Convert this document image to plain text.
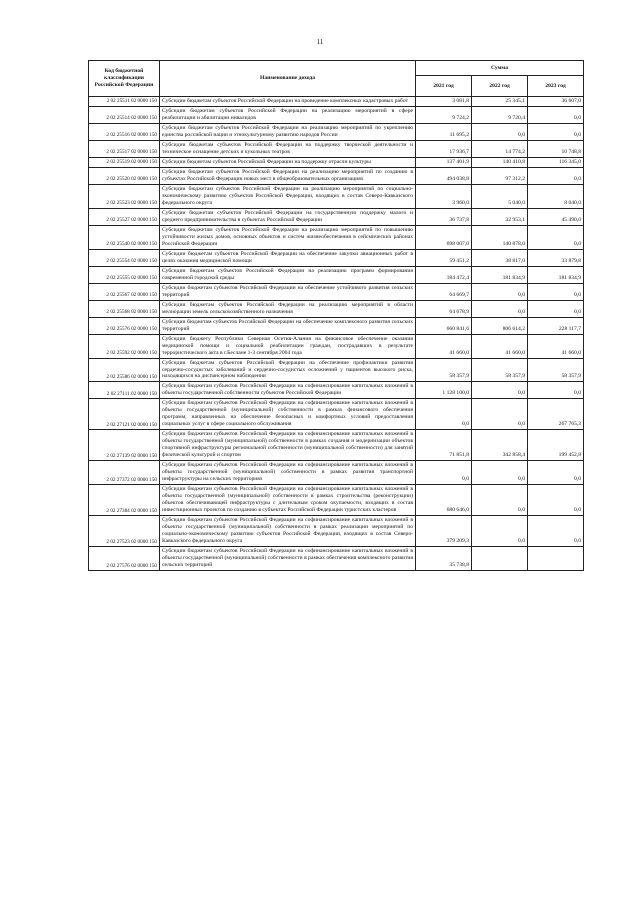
11
Код бюджетной классификации Российской Федерации	Наименование дохода	Сумма		
		2021 год	2022 год	2023 год
2 02 25511 02 0000 150	Субсидии бюджетам субъектов Российской Федерации на проведение комплексных кадастровых работ	3 081,8	25 345,1	36 607,0
2 02 25514 02 0000 150	Субсидии бюджетам субъектов Российской Федерации на реализацию мероприятий в сфере реабилитации и абилитации инвалидов	9 724,2	9 720,4	0,0
2 02 25516 02 0000 150	Субсидии бюджетам субъектов Российской Федерации на реализацию мероприятий по укреплению единства российской нации и этнокультурному развитию народов России	11 695,2	0,0	0,0
2 02 25517 02 0000 150	Субсидии бюджетам субъектов Российской Федерации на поддержку творческой деятельности и техническое оснащение детских и кукольных театров	17 936,7	14 774,2	10 748,8
2 02 25519 02 0000 150	Субсидии бюджетам субъектов Российской Федерации на поддержку отрасли культуры	137 401,9	140 410,8	116 345,0
2 02 25520 02 0000 150	Субсидии бюджетам субъектов Российской Федерации на реализацию мероприятий по созданию в субъектах Российской Федерации новых мест в общеобразовательных организациях	494 038,8	97 312,2	0,0
2 02 25523 02 0000 150	Субсидии бюджетам субъектов Российской Федерации на реализацию мероприятий по социально-экономическому развитию субъектов Российской Федерации, входящих в состав Северо-Кавказского федерального округа	3 960,0	5 040,0	8 040,0
2 02 25527 02 0000 150	Субсидии бюджетам субъектов Российской Федерации на государственную поддержку малого и среднего предпринимательства в субъектах Российской Федерации	36 737,8	32 953,1	45 490,0
2 02 25540 02 0000 150	Субсидии бюджетам субъектов Российской Федерации на реализацию мероприятий по повышению устойчивости жилых домов, основных объектов и систем жизнеобеспечения в сейсмических районах Российской Федерации	698 007,0	140 878,0	0,0
2 02 25554 02 0000 150	Субсидии бюджетам субъектов Российской Федерации на обеспечение закупки авиационных работ в целях оказания медицинской помощи	59 451,2	38 817,0	33 879,8
2 02 25555 02 0000 150	Субсидии бюджетам субъектов Российской Федерации на реализацию программ формирования современной городской среды	184 472,4	181 834,9	181 834,9
2 02 25567 02 0000 150	Субсидии бюджетам субъектов Российской Федерации на обеспечение устойчивого развития сельских территорий	64 669,7	0,0	0,0
2 02 25568 02 0000 150	Субсидии бюджетам субъектов Российской Федерации на реализацию мероприятий в области мелиорации земель сельскохозяйственного назначения	64 678,9	0,0	0,0
2 02 25576 02 0000 150	Субсидии бюджетам субъектов Российской Федерации на обеспечение комплексного развития сельских территорий	660 841,6	806 614,2	228 117,7
2 02 25592 02 0000 150	Субсидии бюджету Республики Северная Осетия-Алания на финансовое обеспечение оказания медицинской помощи и социальной реабилитации граждан, пострадавших в результате террористического акта в г.Беслане 1-3 сентября 2004 года	41 660,0	41 660,0	41 660,0
2 02 25586 02 0000 150	Субсидии бюджетам субъектов Российской Федерации на обеспечение профилактики развития сердечно-сосудистых заболеваний и сердечно-сосудистых осложнений у пациентов высокого риска, находящихся на диспансерном наблюдении	58 357,9	58 357,9	58 357,9
2 02 27111 02 0000 150	Субсидии бюджетам субъектов Российской Федерации на софинансирование капитальных вложений в объекты государственной собственности субъектов Российской Федерации	1 128 100,0	0,0	0,0
2 02 27121 02 0000 150	Субсидии бюджетам субъектов Российской Федерации на софинансирование капитальных вложений в объекты государственной (муниципальной) собственности в рамках финансового обеспечения программ, направленных на обеспечение безопасных и комфортных условий предоставления социальных услуг в сфере социального обслуживания	0,0	0,0	267 765,3
2 02 27139 02 0000 150	Субсидии бюджетам субъектов Российской Федерации на софинансирование капитальных вложений в объекты государственной (муниципальной) собственности в рамках создания и модернизации объектов спортивной инфраструктуры региональной собственности (муниципальной собственности) для занятий физической культурой и спортом	71 851,8	342 858,4	199 452,8
2 02 27372 02 0000 150	Субсидии бюджетам субъектов Российской Федерации на софинансирование капитальных вложений в объекты государственной (муниципальной) собственности в рамках развития транспортной инфраструктуры на сельских территориях	0,0	0,0	0,0
2 02 27384 02 0000 150	Субсидии бюджетам субъектов Российской Федерации на софинансирование капитальных вложений в объекты государственной (муниципальной) собственности в рамках строительства (реконструкции) объектов обеспечивающей инфраструктуры с длительным сроком окупаемости, входящих в состав инвестиционных проектов по созданию в субъектах Российской Федерации туристских кластеров	680 646,0	0,0	0,0
2 02 27523 02 0000 150	Субсидии бюджетам субъектов Российской Федерации на софинансирование капитальных вложений в объекты государственной (муниципальной) собственности в рамках реализации мероприятий по социально-экономическому развитию субъектов Российской Федерации, входящих в состав Северо-Кавказского федерального округа	379 209,3	0,0	0,0
2 02 27576 02 0000 150	Субсидии бюджетам субъектов Российской Федерации на софинансирование капитальных вложений в объекты государственной (муниципальной) собственности в рамках обеспечения комплексного развития сельских территорий	35 738,8		
